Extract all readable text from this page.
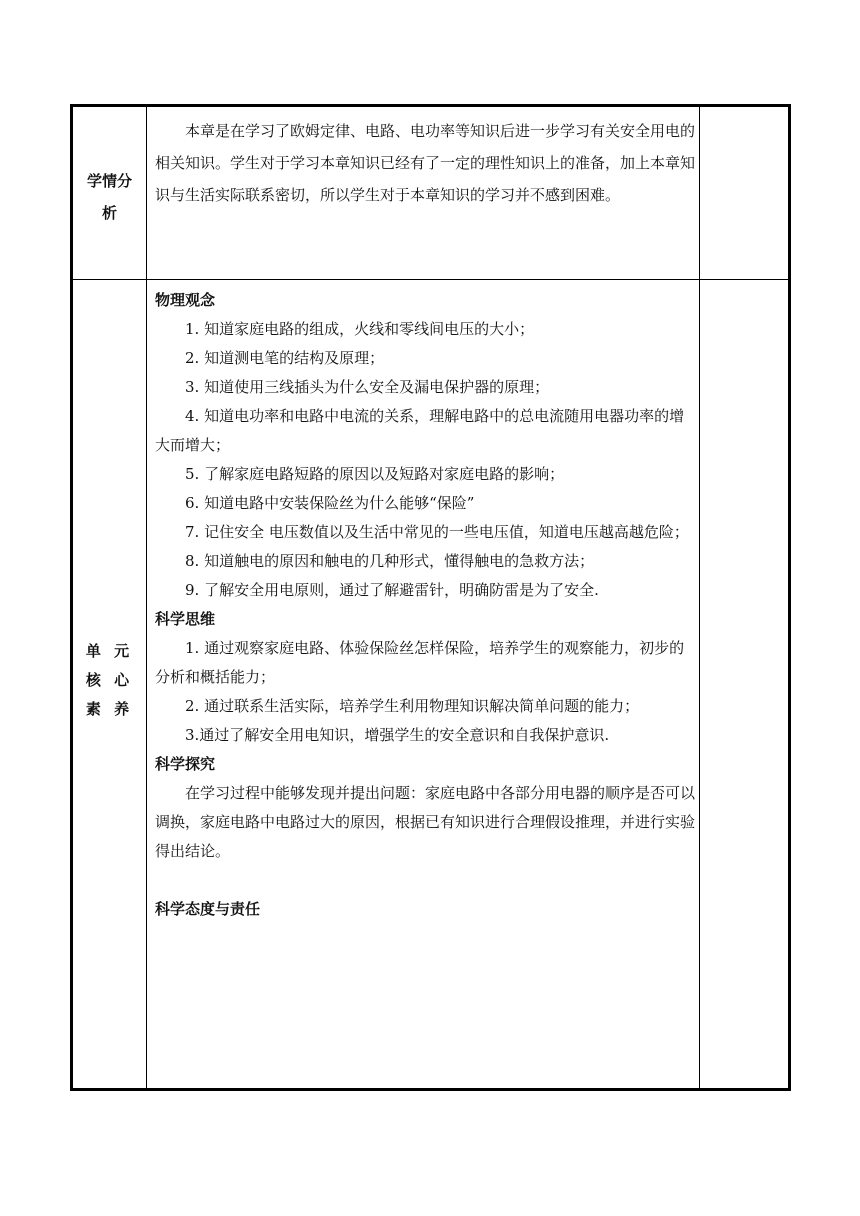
学情分
析

本章是在学习了欧姆定律、电路、电功率等知识后进一步学习有关安全用电的相关知识。学生对于学习本章知识已经有了一定的理性知识上的准备，加上本章知识与生活实际联系密切，所以学生对于本章知识的学习并不感到困难。

单 元
核 心
素 养
物理观念

1. 知道家庭电路的组成，火线和零线间电压的大小；

2. 知道测电笔的结构及原理；

3. 知道使用三线插头为什么安全及漏电保护器的原理；

4. 知道电功率和电路中电流的关系，理解电路中的总电流随用电器功率的增大而增大；

5. 了解家庭电路短路的原因以及短路对家庭电路的影响；

6. 知道电路中安装保险丝为什么能够“保险”

7. 记住安全 电压数值以及生活中常见的一些电压值，知道电压越高越危险；

8. 知道触电的原因和触电的几种形式，懂得触电的急救方法；

9. 了解安全用电原则，通过了解避雷针，明确防雷是为了安全.

科学思维

1. 通过观察家庭电路、体验保险丝怎样保险，培养学生的观察能力，初步的分析和概括能力；

2. 通过联系生活实际，培养学生利用物理知识解决简单问题的能力；

3.通过了解安全用电知识，增强学生的安全意识和自我保护意识.

科学探究

在学习过程中能够发现并提出问题：家庭电路中各部分用电器的顺序是否可以调换，家庭电路中电路过大的原因，根据已有知识进行合理假设推理，并进行实验得出结论。

科学态度与责任
